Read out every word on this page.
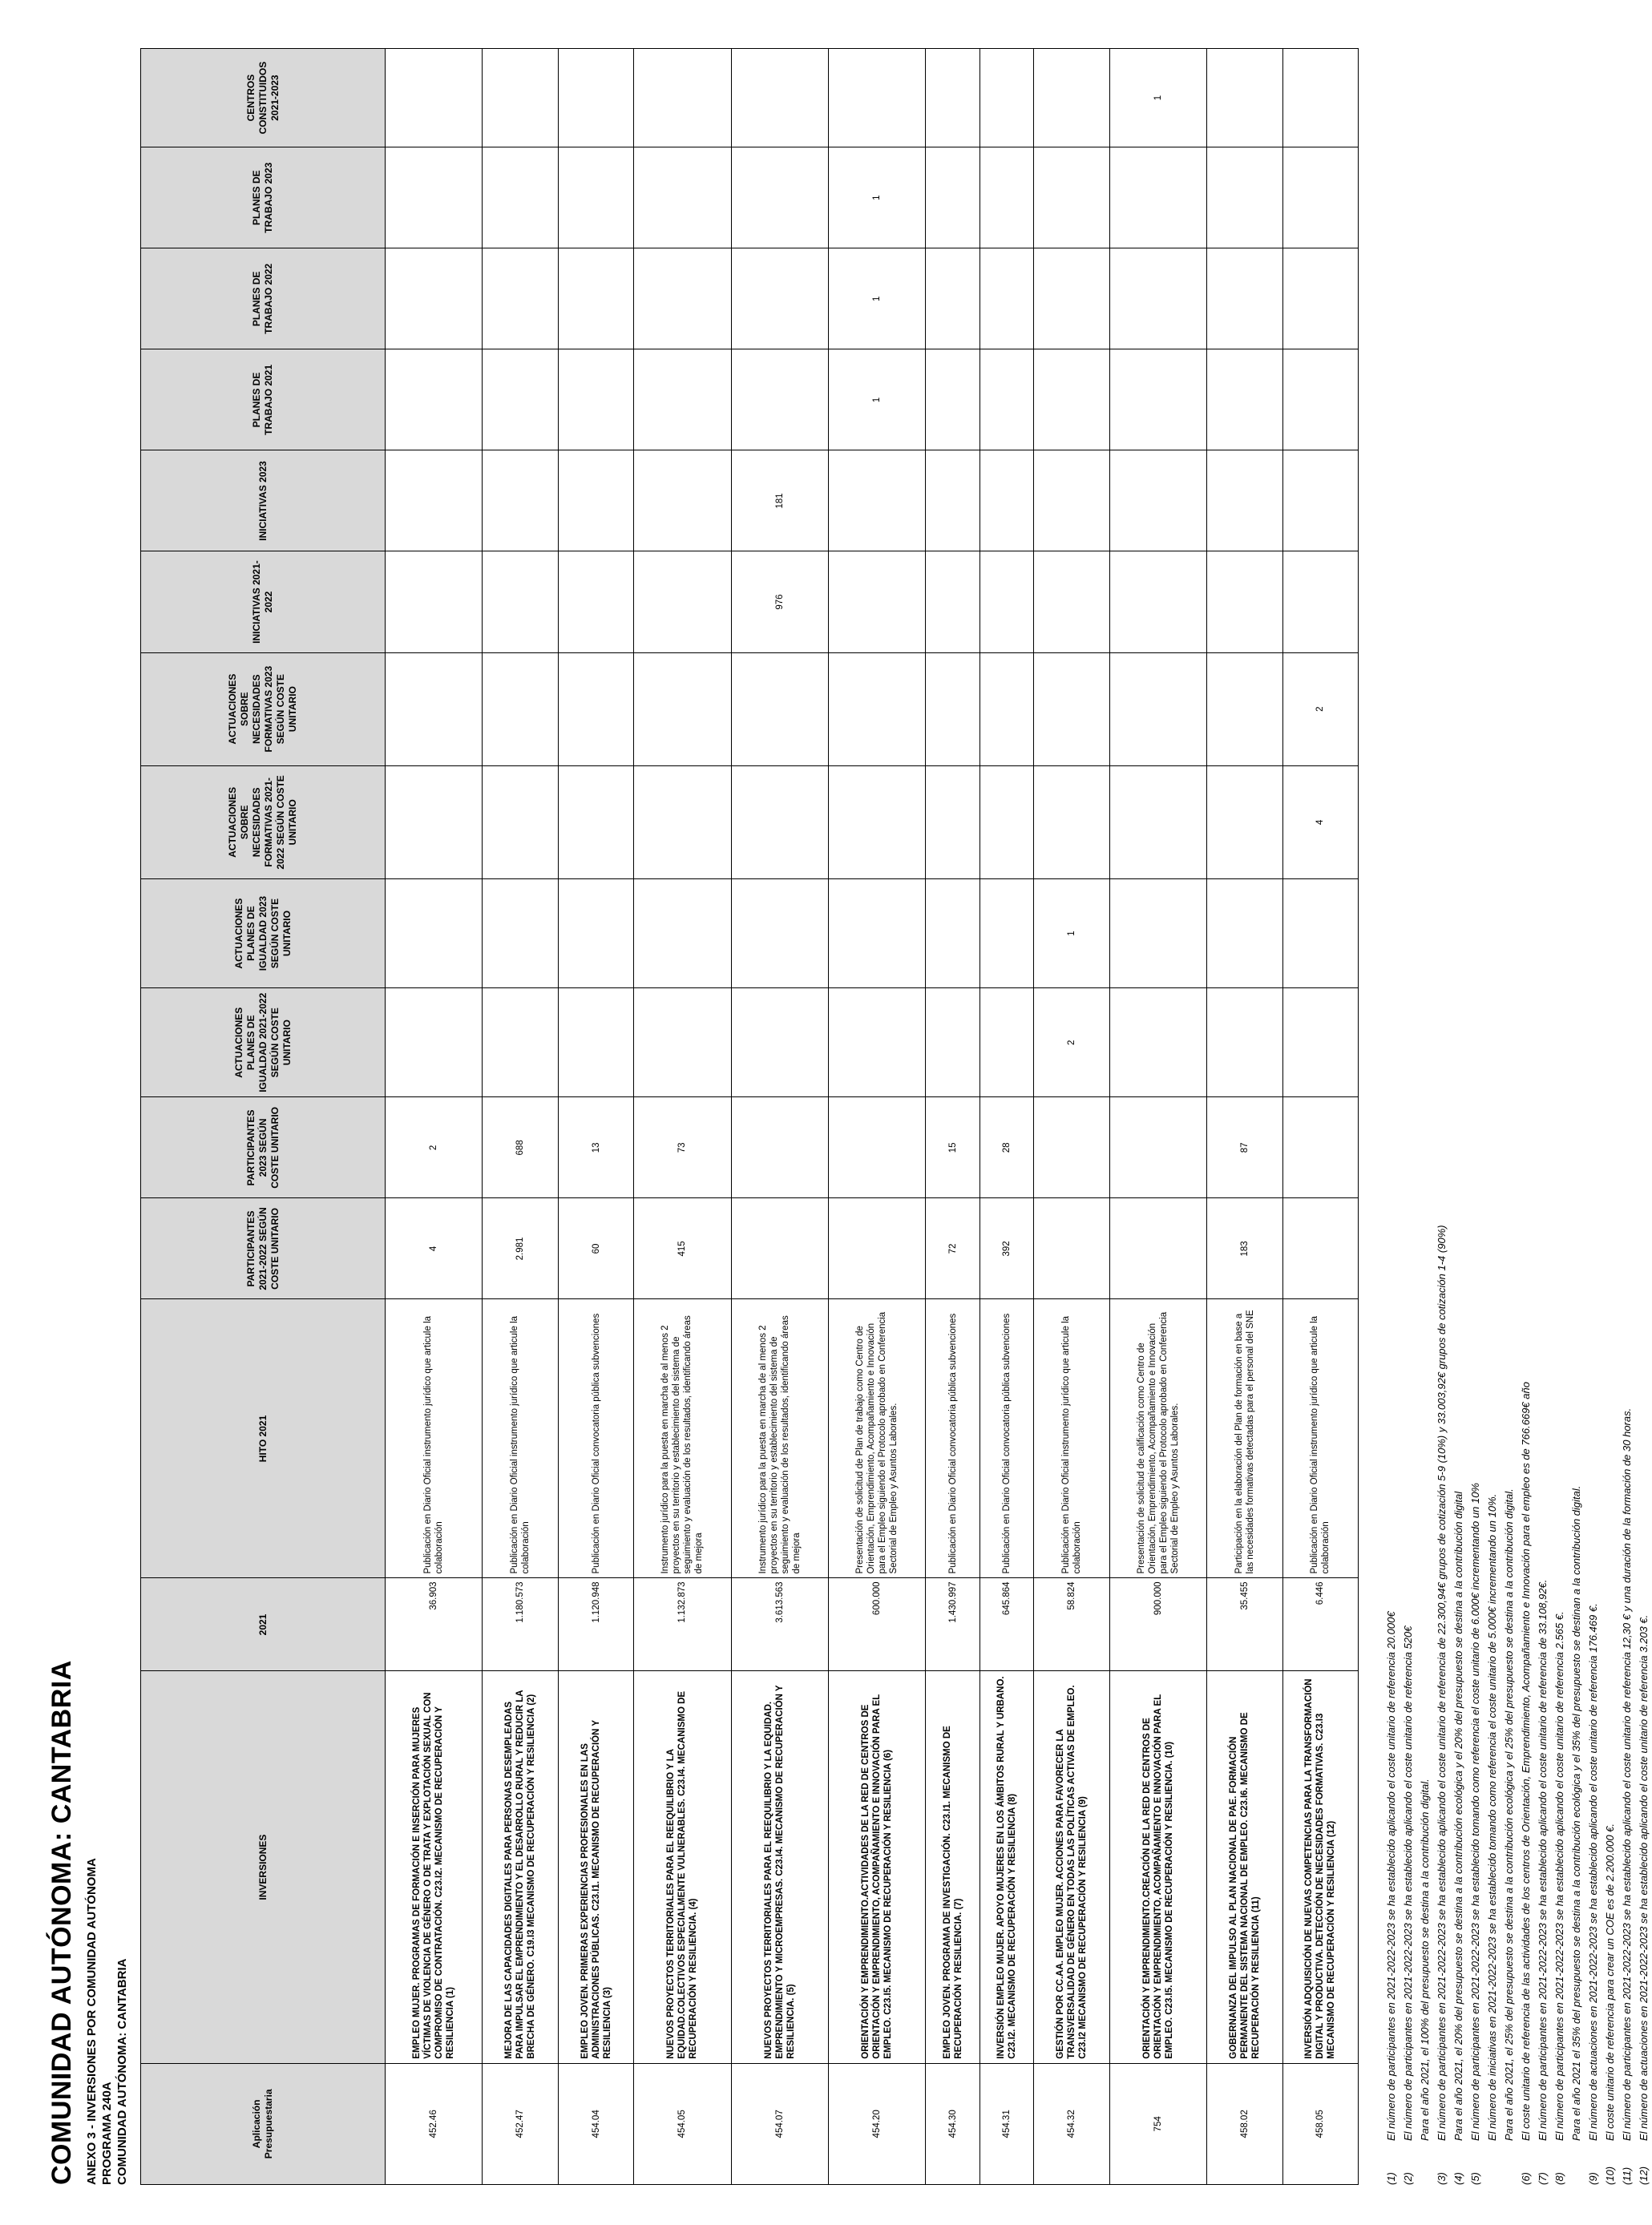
COMUNIDAD AUTÓNOMA: CANTABRIA ANEXO 3 - INVERSIONES POR COMUNIDAD AUTÓNOMA PROGRAMA 240A COMUNIDAD AUTÓNOMA: CANTABRIA	Aplicación Presupuestaria	INVERSIONES	2021	HITO 2021	PARTICIPANTES 2021-2022 SEGÚN COSTE UNITARIO	PARTICIPANTES 2023 SEGÚN COSTE UNITARIO	ACTUACIONES PLANES DE IGUALDAD 2021-2022 SEGÚN COSTE UNITARIO	ACTUACIONES PLANES DE IGUALDAD 2023 SEGÚN COSTE UNITARIO	ACTUACIONES SOBRE NECESIDADES FORMATIVAS 2021-2022 SEGÚN COSTE UNITARIO	ACTUACIONES SOBRE NECESIDADES FORMATIVAS 2023 SEGÚN COSTE UNITARIO	INICIATIVAS 2021-2022	INICIATIVAS 2023	PLANES DE TRABAJO 2021	PLANES DE TRABAJO 2022	PLANES DE TRABAJO 2023	CENTROS CONSTITUIDOS 2021-2023
452.46	EMPLEO MUJER. PROGRAMAS DE FORMACIÓN E INSERCIÓN PARA MUJERES VÍCTIMAS DE VIOLENCIA DE GÉNERO O DE TRATA Y EXPLOTACIÓN SEXUAL CON COMPROMISO DE CONTRATACIÓN. C23.I2. MECANISMO DE RECUPERACIÓN Y RESILIENCIA (1)	36.903	Publicación en Diario Oficial instrumento jurídico que articule la colaboración	4	2										
452.47	MEJORA DE LAS CAPACIDADES DIGITALES PARA PERSONAS DESEMPLEADAS PARA IMPULSAR EL EMPRENDIMIENTO Y EL DESARROLLO RURAL Y REDUCIR LA BRECHA DE GÉNERO. C19.I3 MECANISMO DE RECUPERACIÓN Y RESILIENCIA (2)	1.180.573	Publicación en Diario Oficial instrumento jurídico que articule la colaboración	2.981	688										
454.04	EMPLEO JOVEN. PRIMERAS EXPERIENCIAS PROFESIONALES EN LAS ADMINISTRACIONES PÚBLICAS. C23.I1. MECANISMO DE RECUPERACIÓN Y RESILIENCIA (3)	1.120.948	Publicación en Diario Oficial convocatoria pública subvenciones	60	13										
454.05	NUEVOS PROYECTOS TERRITORIALES PARA EL REEQUILIBRIO Y LA EQUIDAD.COLECTIVOS ESPECIALMENTE VULNERABLES. C23.I4. MECANISMO DE RECUPERACIÓN Y RESILIENCIA. (4)	1.132.873	Instrumento jurídico para la puesta en marcha de al menos 2 proyectos en su territorio y establecimiento del sistema de seguimiento y evaluación de los resultados, identificando áreas de mejora	415	73										
454.07	NUEVOS PROYECTOS TERRITORIALES PARA EL REEQUILIBRIO Y LA EQUIDAD. EMPRENDIMIENTO Y MICROEMPRESAS. C23.I4. MECANISMO DE RECUPERACIÓN Y RESILIENCIA. (5)	3.613.563	Instrumento jurídico para la puesta en marcha de al menos 2 proyectos en su territorio y establecimiento del sistema de seguimiento y evaluación de los resultados, identificando áreas de mejora							976	181				
454.20	ORIENTACIÓN Y EMPRENDIMIENTO.ACTIVIDADES DE LA RED DE CENTROS DE ORIENTACIÓN Y EMPRENDIMIENTO, ACOMPAÑAMIENTO E INNOVACIÓN PARA EL EMPLEO. C23.I5. MECANISMO DE RECUPERACIÓN Y RESILIENCIA (6)	600.000	Presentación de solicitud de Plan de trabajo como Centro de Orientación, Emprendimiento, Acompañamiento e Innovación para el Empleo siguiendo el Protocolo aprobado en Conferencia Sectorial de Empleo y Asuntos Laborales.									1	1	1	
454.30	EMPLEO JOVEN. PROGRAMA DE INVESTIGACIÓN. C23.I1. MECANISMO DE RECUPERACIÓN Y RESILIENCIA. (7)	1.430.997	Publicación en Diario Oficial convocatoria pública subvenciones	72	15										
454.31	INVERSIÓN EMPLEO MUJER. APOYO MUJERES EN LOS ÁMBITOS RURAL Y URBANO. C23.I2. MECANISMO DE RECUPERACIÓN Y RESILIENCIA (8)	645.864	Publicación en Diario Oficial convocatoria pública subvenciones	392	28										
454.32	GESTIÓN POR CC.AA. EMPLEO MUJER. ACCIONES PARA FAVORECER LA TRANSVERSALIDAD DE GÉNERO EN TODAS LAS POLÍTICAS ACTIVAS DE EMPLEO. C23.I2 MECANISMO DE RECUPERACIÓN Y RESILIENCIA (9)	58.824	Publicación en Diario Oficial instrumento jurídico que articule la colaboración			2	1								
754	ORIENTACIÓN Y EMPRENDIMIENTO.CREACIÓN DE LA RED DE CENTROS DE ORIENTACIÓN Y EMPRENDIMIENTO, ACOMPAÑAMIENTO E INNOVACIÓN PARA EL EMPLEO. C23.I5. MECANISMO DE RECUPERACIÓN Y RESILIENCIA. (10)	900.000	Presentación de solicitud de calificación como Centro de Orientación, Emprendimiento, Acompañamiento e Innovación para el Empleo siguiendo el Protocolo aprobado en Conferencia Sectorial de Empleo y Asuntos Laborales.												1
458.02	GOBERNANZA DEL IMPULSO AL PLAN NACIONAL DE PAE. FORMACIÓN PERMANENTE DEL SISTEMA NACIONAL DE EMPLEO. C23.I6. MECANISMO DE RECUPERACIÓN Y RESILIENCIA (11)	35.455	Participación en la elaboración del Plan de formación en base a las necesidades formativas detectadas para el personal del SNE	183	87										
458.05	INVERSIÓN ADQUISICIÓN DE NUEVAS COMPETENCIAS PARA LA TRANSFORMACIÓN DIGITAL Y PRODUCTIVA. DETECCIÓN DE NECESIDADES FORMATIVAS. C23.I3 MECANISMO DE RECUPERACIÓN Y RESILIENCIA (12)	6.446	Publicación en Diario Oficial instrumento jurídico que articule la colaboración					4	2						
(1)
El número de participantes en 2021-2022-2023 se ha establecido aplicando el coste unitario de referencia 20.000€
(2)
El número de participantes en 2021-2022-2023 se ha establecido aplicando el coste unitario de referencia 520€ Para el año 2021, el 100% del presupuesto se destina a la contribución digital.
(3)
El número de participantes en 2021-2022-2023 se ha establecido aplicando el coste unitario de referencia de 22.300,94€ grupos de cotización 5-9 (10%) y 33.003,92€ grupos de cotización 1-4 (90%)
(4)
Para el año 2021, el 20% del presupuesto se destina a la contribución ecológica y el 20% del presupuesto se destina a la contribución digital
(5)
El número de participantes en 2021-2022-2023 se ha establecido tomando como referencia el coste unitario de 6.000€ incrementando un 10% El número de iniciativas en 2021-2022-2023 se ha establecido tomando como referencia el coste unitario de 5.000€ incrementando un 10%. Para el año 2021, el 25% del presupuesto se destina a la contribución ecológica y el 25% del presupuesto se destina a la contribución digital.
(6)
El coste unitario de referencia de las actividades de los centros de Orientación, Emprendimiento, Acompañamiento e Innovación para el empleo es de 766.669€ año
(7)
El número de participantes en 2021-2022-2023 se ha establecido aplicando el coste unitario de referencia de 33.108,92€.
(8)
El número de participantes en 2021-2022-2023 se ha establecido aplicando el coste unitario de referencia 2.565 €. Para el año 2021 el 35% del presupuesto se destina a la contribución ecológica y el 35% del presupuesto se destinan a la contribución digital.
(9)
El número de actuaciones en 2021-2022-2023 se ha establecido aplicando el coste unitario de referencia 176.469 €.
(10)
El coste unitario de referencia para crear un COE es de 2.200.000 €.
(11)
El número de participantes en 2021-2022-2023 se ha establecido aplicando el coste unitario de referencia 12,30 € y una duración de la formación de 30 horas.
(12)
El número de actuaciones en 2021-2022-2023 se ha establecido aplicando el coste unitario de referencia 3.203 €.
